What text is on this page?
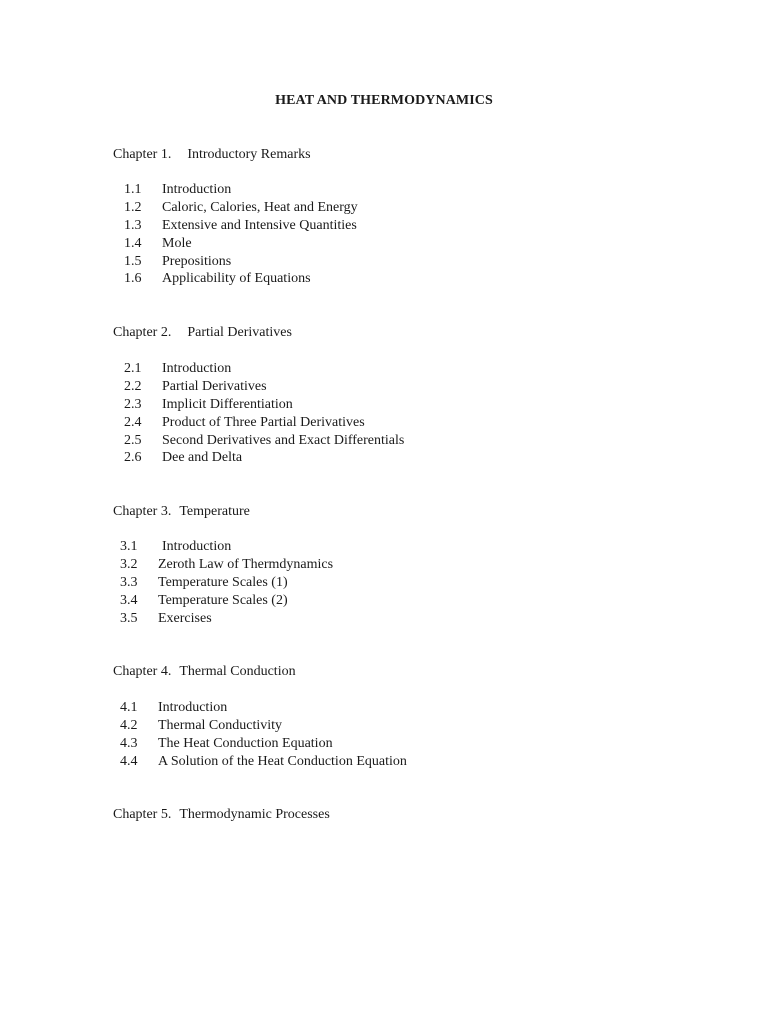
HEAT AND THERMODYNAMICS
Chapter 1. Introductory Remarks
1.1 Introduction
1.2 Caloric, Calories, Heat and Energy
1.3 Extensive and Intensive Quantities
1.4 Mole
1.5 Prepositions
1.6 Applicability of Equations
Chapter 2. Partial Derivatives
2.1 Introduction
2.2 Partial Derivatives
2.3 Implicit Differentiation
2.4 Product of Three Partial Derivatives
2.5 Second Derivatives and Exact Differentials
2.6 Dee and Delta
Chapter 3. Temperature
3.1 Introduction
3.2 Zeroth Law of Thermdynamics
3.3 Temperature Scales (1)
3.4 Temperature Scales (2)
3.5 Exercises
Chapter 4. Thermal Conduction
4.1 Introduction
4.2 Thermal Conductivity
4.3 The Heat Conduction Equation
4.4 A Solution of the Heat Conduction Equation
Chapter 5. Thermodynamic Processes
